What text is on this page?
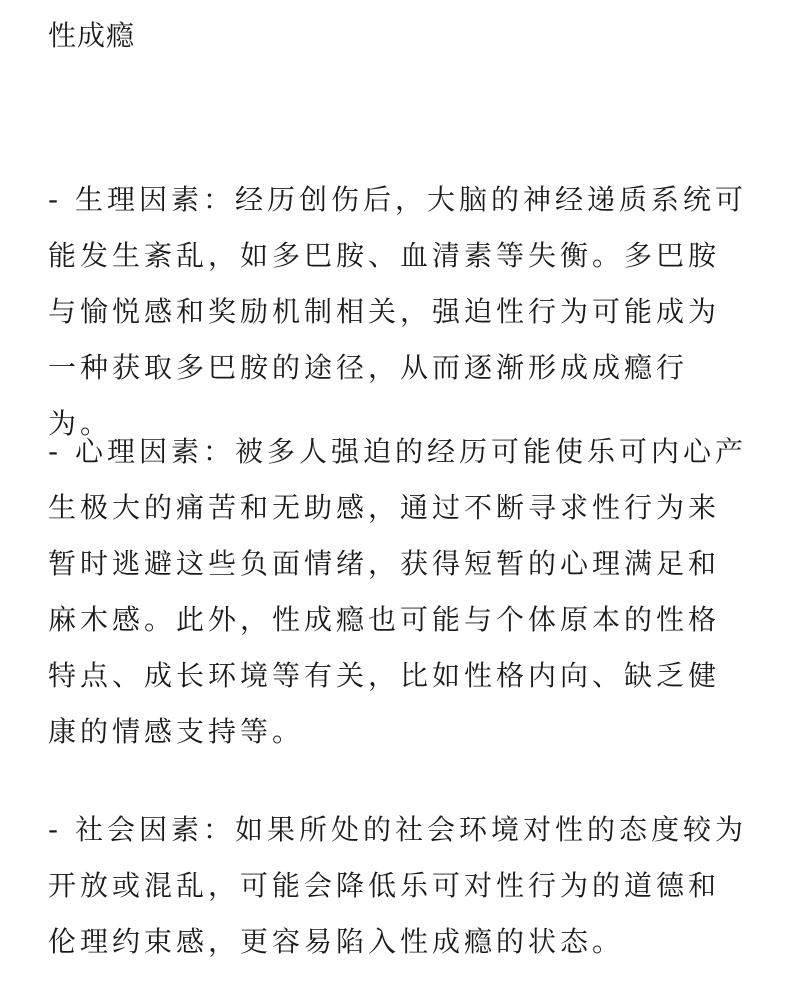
性成瘾
- 生理因素：经历创伤后，大脑的神经递质系统可能发生紊乱，如多巴胺、血清素等失衡。多巴胺与愉悦感和奖励机制相关，强迫性行为可能成为一种获取多巴胺的途径，从而逐渐形成成瘾行为。
- 心理因素：被多人强迫的经历可能使乐可内心产生极大的痛苦和无助感，通过不断寻求性行为来暂时逃避这些负面情绪，获得短暂的心理满足和麻木感。此外，性成瘾也可能与个体原本的性格特点、成长环境等有关，比如性格内向、缺乏健康的情感支持等。
- 社会因素：如果所处的社会环境对性的态度较为开放或混乱，可能会降低乐可对性行为的道德和伦理约束感，更容易陷入性成瘾的状态。
